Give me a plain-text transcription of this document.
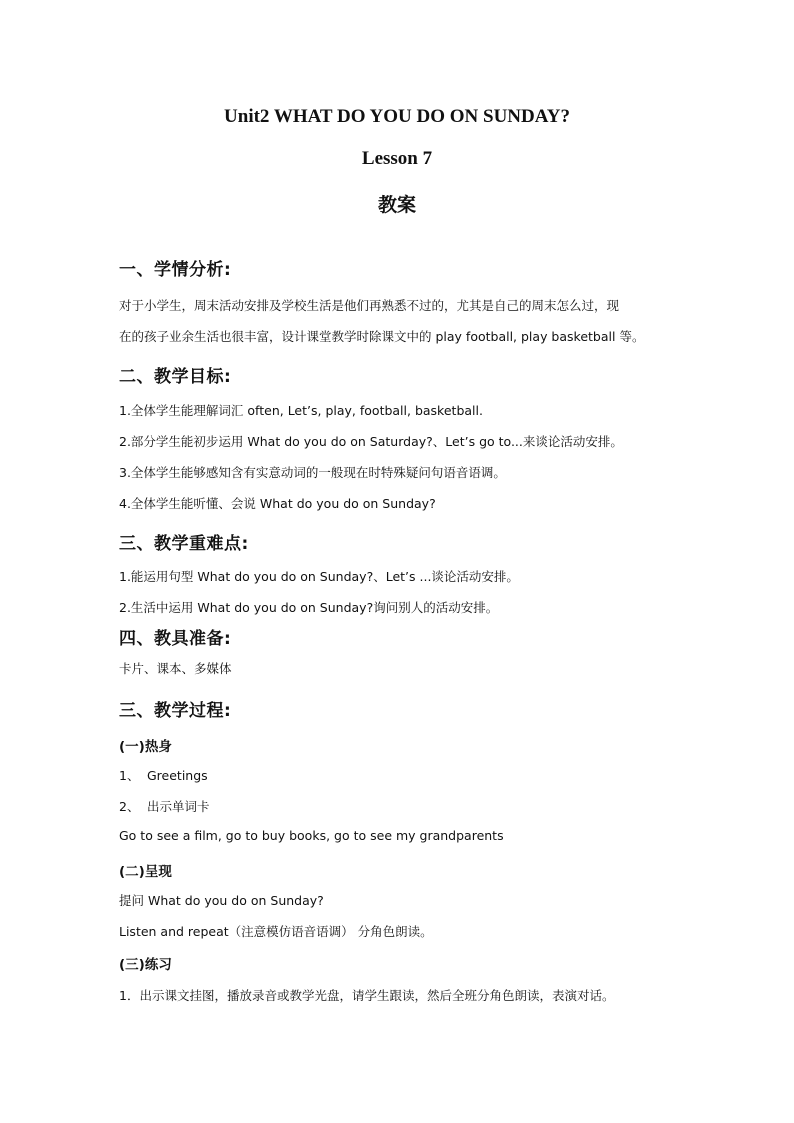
Unit2 WHAT DO YOU DO ON SUNDAY?
Lesson 7
教案
一、学情分析:
对于小学生，周末活动安排及学校生活是他们再熟悉不过的，尤其是自己的周末怎么过，现
在的孩子业余生活也很丰富，设计课堂教学时除课文中的 play football, play basketball 等。
二、教学目标:
1.全体学生能理解词汇 often, Let’s, play, football, basketball.
2.部分学生能初步运用 What do you do on Saturday?、Let’s go to...来谈论活动安排。
3.全体学生能够感知含有实意动词的一般现在时特殊疑问句语音语调。
4.全体学生能听懂、会说 What do you do on Sunday?
三、教学重难点:
1.能运用句型 What do you do on Sunday?、Let’s ...谈论活动安排。
2.生活中运用 What do you do on Sunday?询问别人的活动安排。
四、教具准备:
卡片、课本、多媒体
三、教学过程:
(一)热身
1、 Greetings
2、 出示单词卡
Go to see a film, go to buy books, go to see my grandparents
(二)呈现
提问 What do you do on Sunday?
Listen and repeat（注意模仿语音语调） 分角色朗读。
(三)练习
1．出示课文挂图，播放录音或教学光盘，请学生跟读，然后全班分角色朗读，表演对话。
